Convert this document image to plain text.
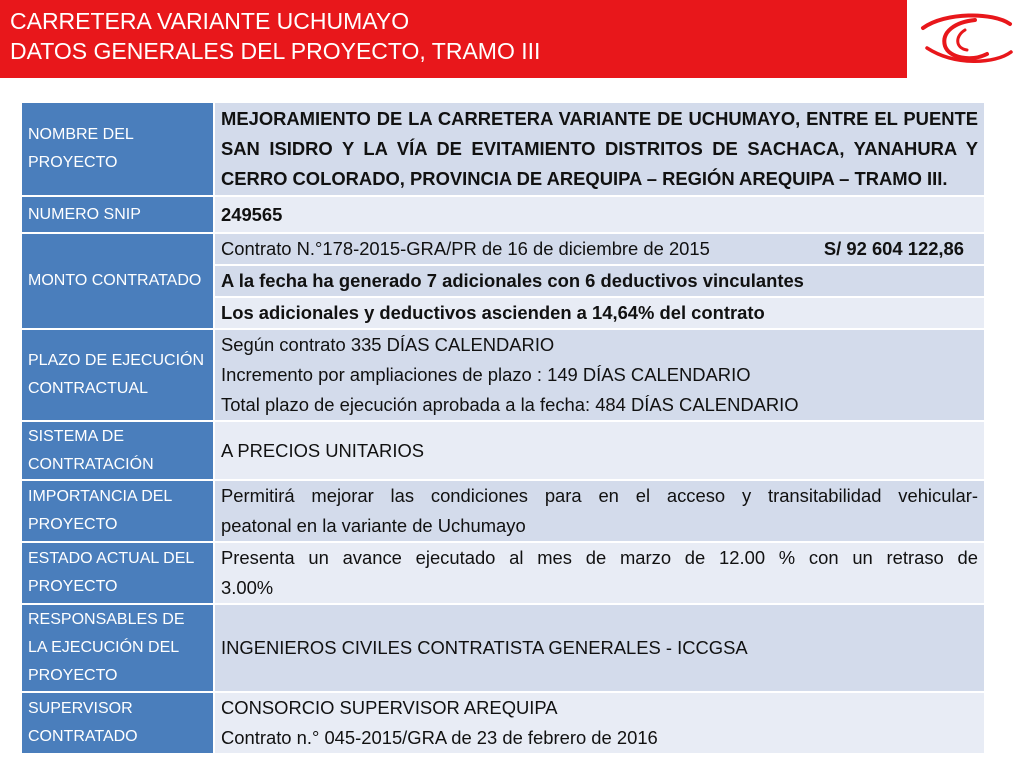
CARRETERA VARIANTE UCHUMAYO
DATOS GENERALES DEL PROYECTO, TRAMO III
NOMBRE DEL PROYECTO	MEJORAMIENTO DE LA CARRETERA VARIANTE DE UCHUMAYO, ENTRE EL PUENTE SAN ISIDRO Y LA VÍA DE EVITAMIENTO DISTRITOS DE SACHACA, YANAHURA Y CERRO COLORADO, PROVINCIA DE AREQUIPA – REGIÓN AREQUIPA – TRAMO III.

NUMERO SNIP	249565
MONTO CONTRATADO	Contrato N.°178-2015-GRA/PR de 16 de diciembre de 2015 S/ 92 604 122,86

	A la fecha ha generado 7 adicionales con 6 deductivos vinculantes
	Los adicionales y deductivos ascienden a 14,64% del contrato
PLAZO DE EJECUCIÓN CONTRACTUAL	Según contrato 335 DÍAS CALENDARIO
Incremento por ampliaciones de plazo : 149 DÍAS CALENDARIO
Total plazo de ejecución aprobada a la fecha: 484 DÍAS CALENDARIO

SISTEMA DE CONTRATACIÓN	A PRECIOS UNITARIOS
IMPORTANCIA DEL PROYECTO	Permitirá mejorar las condiciones para en el acceso y transitabilidad vehicular-
peatonal en la variante de Uchumayo

ESTADO ACTUAL DEL PROYECTO	Presenta un avance ejecutado al mes de marzo de 12.00 % con un retraso de
3.00%

RESPONSABLES DE LA EJECUCIÓN DEL PROYECTO	INGENIEROS CIVILES CONTRATISTA GENERALES - ICCGSA
SUPERVISOR CONTRATADO	CONSORCIO SUPERVISOR AREQUIPA
Contrato n.° 045-2015/GRA de 23 de febrero de 2016
